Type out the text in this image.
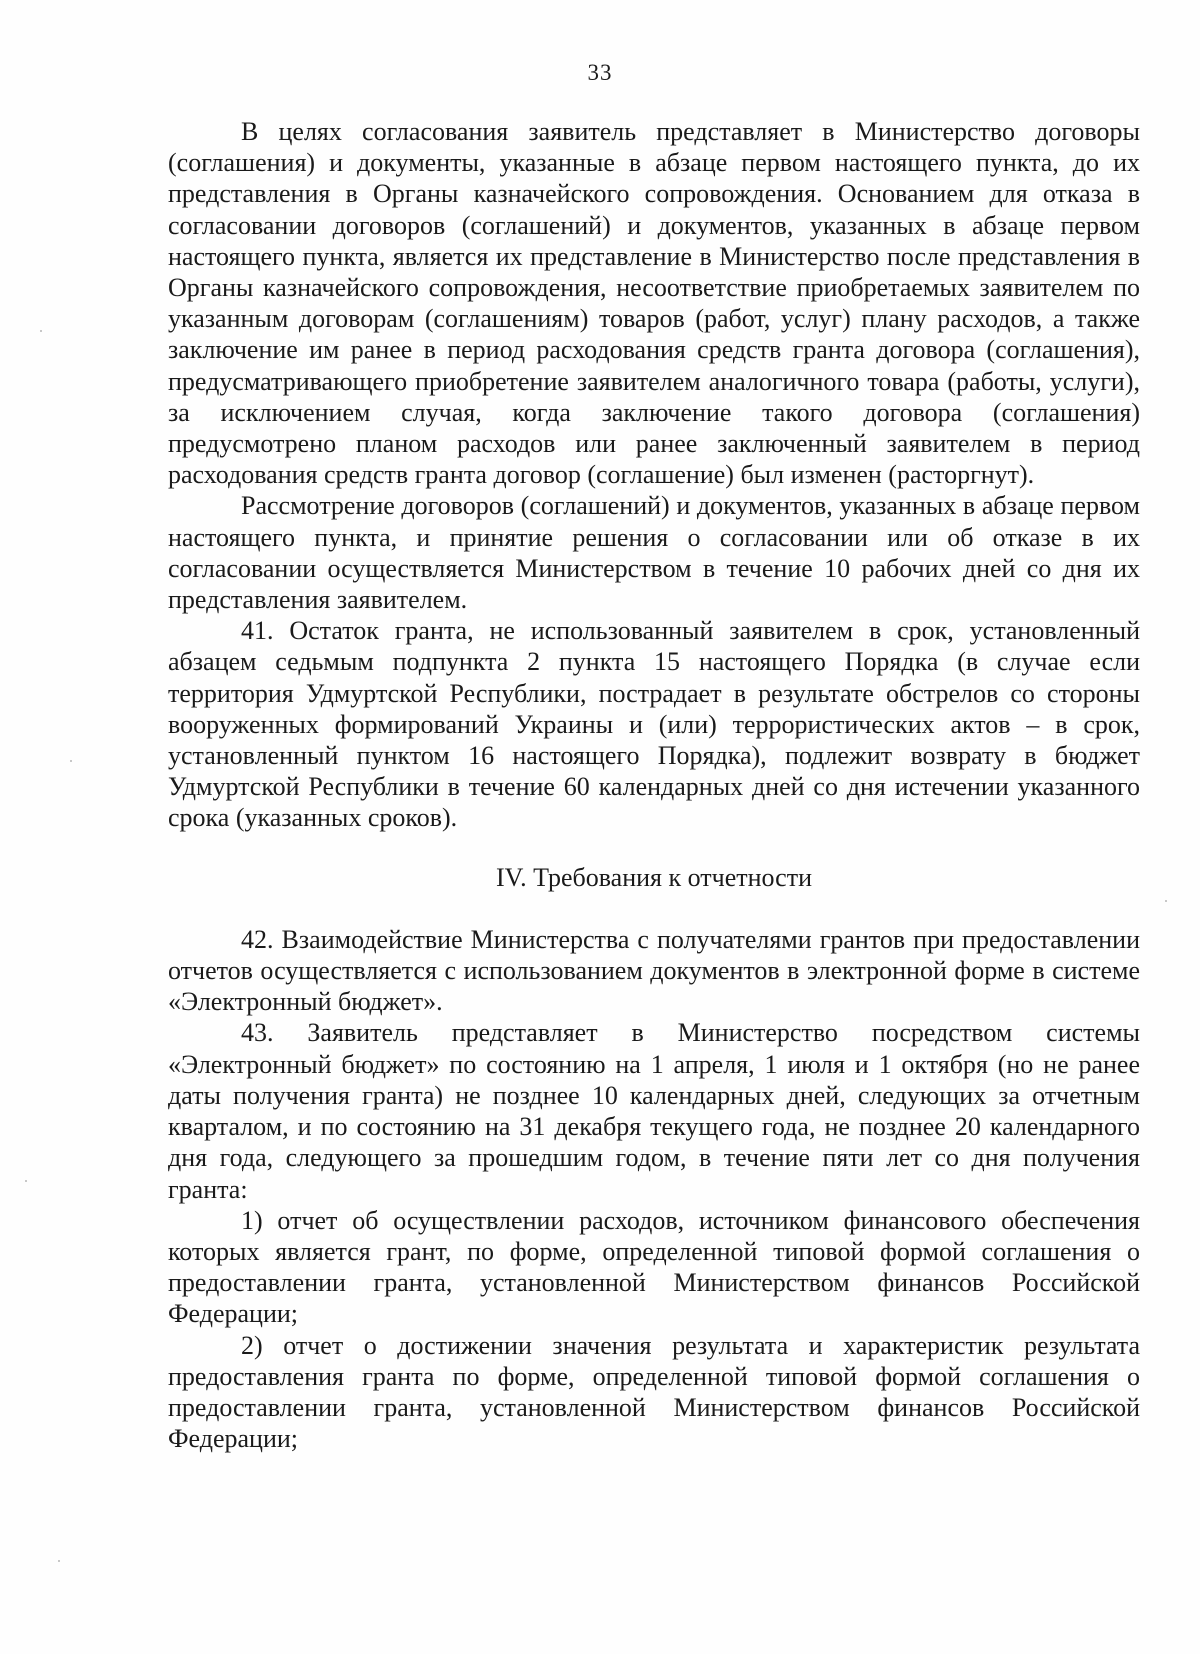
33

В целях согласования заявитель представляет в Министерство договоры (соглашения) и документы, указанные в абзаце первом настоящего пункта, до их представления в Органы казначейского сопровождения. Основанием для отказа в согласовании договоров (соглашений) и документов, указанных в абзаце первом настоящего пункта, является их представление в Министерство после представления в Органы казначейского сопровождения, несоответствие приобретаемых заявителем по указанным договорам (соглашениям) товаров (работ, услуг) плану расходов, а также заключение им ранее в период расходования средств гранта договора (соглашения), предусматривающего приобретение заявителем аналогичного товара (работы, услуги), за исключением случая, когда заключение такого договора (соглашения) предусмотрено планом расходов или ранее заключенный заявителем в период расходования средств гранта договор (соглашение) был изменен (расторгнут).

Рассмотрение договоров (соглашений) и документов, указанных в абзаце первом настоящего пункта, и принятие решения о согласовании или об отказе в их согласовании осуществляется Министерством в течение 10 рабочих дней со дня их представления заявителем.

41. Остаток гранта, не использованный заявителем в срок, установленный абзацем седьмым подпункта 2 пункта 15 настоящего Порядка (в случае если территория Удмуртской Республики, пострадает в результате обстрелов со стороны вооруженных формирований Украины и (или) террористических актов – в срок, установленный пунктом 16 настоящего Порядка), подлежит возврату в бюджет Удмуртской Республики в течение 60 календарных дней со дня истечении указанного срока (указанных сроков).

IV. Требования к отчетности

42. Взаимодействие Министерства с получателями грантов при предоставлении отчетов осуществляется с использованием документов в электронной форме в системе «Электронный бюджет».

43. Заявитель представляет в Министерство посредством системы «Электронный бюджет» по состоянию на 1 апреля, 1 июля и 1 октября (но не ранее даты получения гранта) не позднее 10 календарных дней, следующих за отчетным кварталом, и по состоянию на 31 декабря текущего года, не позднее 20 календарного дня года, следующего за прошедшим годом, в течение пяти лет со дня получения гранта:

1) отчет об осуществлении расходов, источником финансового обеспечения которых является грант, по форме, определенной типовой формой соглашения о предоставлении гранта, установленной Министерством финансов Российской Федерации;

2) отчет о достижении значения результата и характеристик результата предоставления гранта по форме, определенной типовой формой соглашения о предоставлении гранта, установленной Министерством финансов Российской Федерации;
